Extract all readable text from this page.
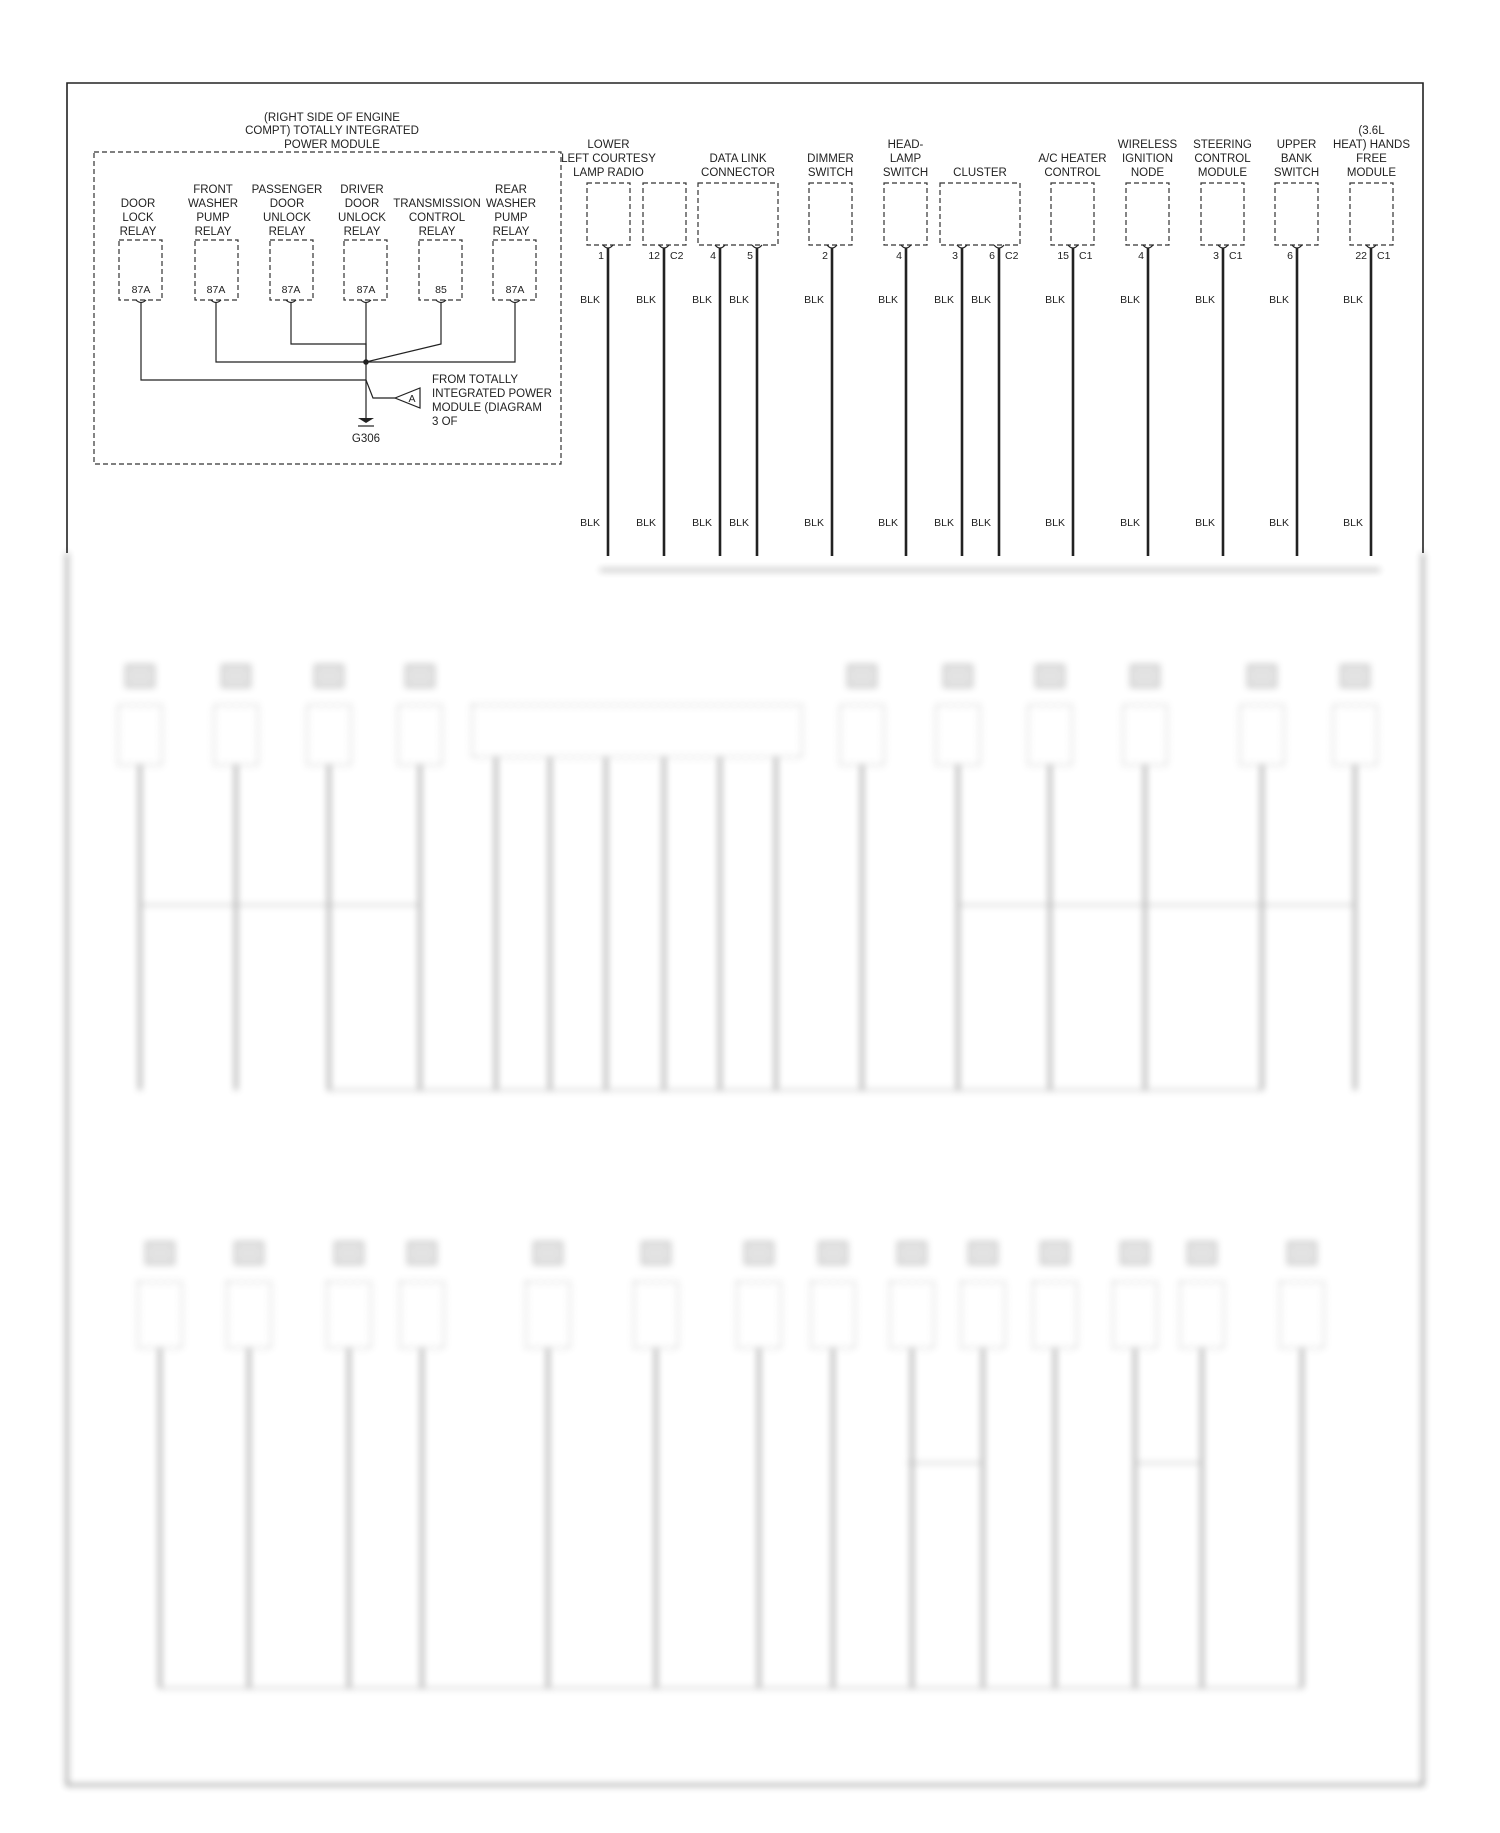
(RIGHT SIDE OF ENGINE
COMPT) TOTALLY INTEGRATED
POWER MODULE
DOOR
LOCK
RELAY
87A
FRONT
WASHER
PUMP
RELAY
87A
PASSENGER
DOOR
UNLOCK
RELAY
87A
DRIVER
DOOR
UNLOCK
RELAY
87A
TRANSMISSION
CONTROL
RELAY
85
REAR
WASHER
PUMP
RELAY
87A
A
FROM TOTALLY
INTEGRATED POWER
MODULE (DIAGRAM
3 OF
G306
LOWER
LEFT COURTESY
LAMP RADIO
1
BLK
BLK
12 C2
BLK
BLK
DATA LINK
CONNECTOR
4
BLK
BLK
5
BLK
BLK
DIMMER
SWITCH
2
BLK
BLK
HEAD-
LAMP
SWITCH
4
BLK
BLK
CLUSTER
3
BLK
BLK
6 C2
BLK
BLK
A/C HEATER
CONTROL
15 C1
BLK
BLK
WIRELESS
IGNITION
NODE
4
BLK
BLK
STEERING
CONTROL
MODULE
3 C1
BLK
BLK
UPPER
BANK
SWITCH
6
BLK
BLK
(3.6L
HEAT) HANDS
FREE
MODULE
22 C1
BLK
BLK
